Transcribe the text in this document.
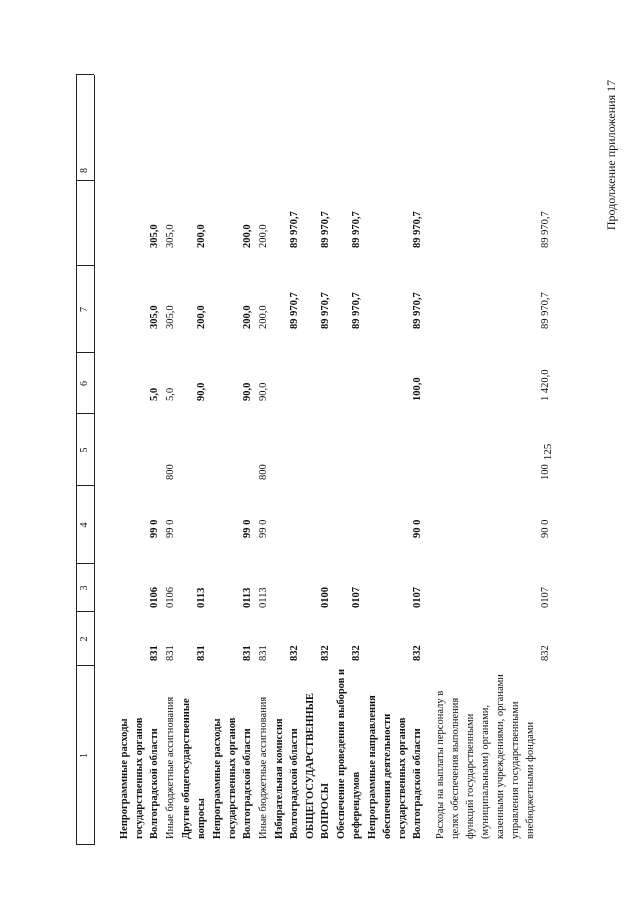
125
Продолжение приложения 17
1
2
3
4
5
6
7
8
Непрограммные расходы государственных органов Волгоградской области
831
0106
99 0
5,0
305,0
305,0
Иные бюджетные ассигнования
831
0106
99 0
800
5,0
305,0
305,0
Другие общегосударственные вопросы
831
0113
90,0
200,0
200,0
Непрограммные расходы государственных органов Волгоградской области
831
0113
99 0
90,0
200,0
200,0
Иные бюджетные ассигнования
831
0113
99 0
800
90,0
200,0
200,0
Избирательная комиссия Волгоградской области
832
89 970,7
89 970,7
ОБЩЕГОСУДАРСТВЕННЫЕ ВОПРОСЫ
832
0100
89 970,7
89 970,7
Обеспечение проведения выборов и референдумов
832
0107
89 970,7
89 970,7
Непрограммные направления обеспечения деятельности государственных органов Волгоградской области
832
0107
90 0
100,0
89 970,7
89 970,7
Расходы на выплаты персоналу в целях обеспечения выполнения функций государственными (муниципальными) органами, казенными учреждениями, органами управления государственными внебюджетными фондами
832
0107
90 0
100
1 420,0
89 970,7
89 970,7
